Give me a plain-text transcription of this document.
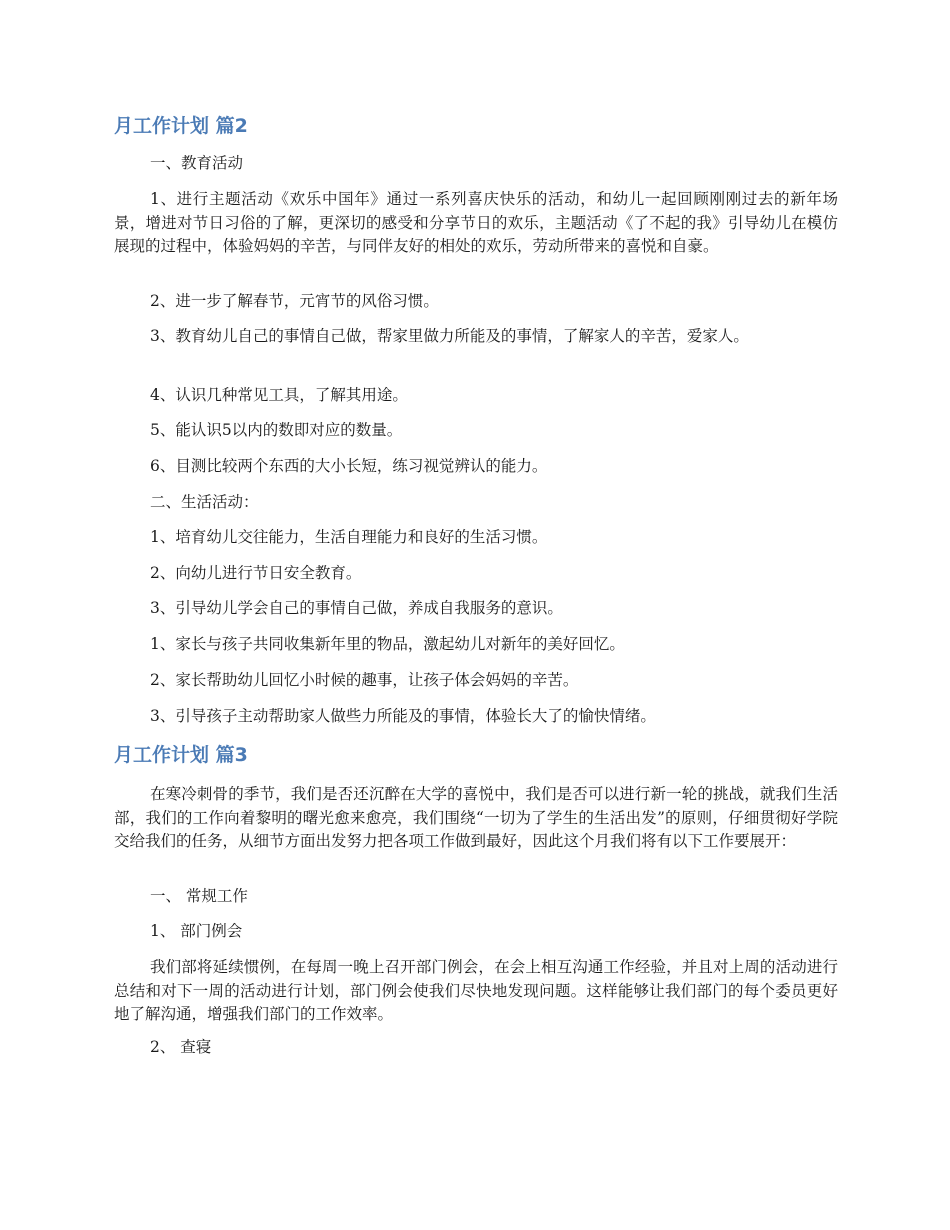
月工作计划 篇2

一、教育活动

1、进行主题活动《欢乐中国年》通过一系列喜庆快乐的活动，和幼儿一起回顾刚刚过去的新年场景，增进对节日习俗的了解，更深切的感受和分享节日的欢乐，主题活动《了不起的我》引导幼儿在模仿展现的过程中，体验妈妈的辛苦，与同伴友好的相处的欢乐，劳动所带来的喜悦和自豪。

2、进一步了解春节，元宵节的风俗习惯。

3、教育幼儿自己的事情自己做，帮家里做力所能及的事情，了解家人的辛苦，爱家人。

4、认识几种常见工具，了解其用途。

5、能认识5以内的数即对应的数量。

6、目测比较两个东西的大小长短，练习视觉辨认的能力。

二、生活活动：

1、培育幼儿交往能力，生活自理能力和良好的生活习惯。

2、向幼儿进行节日安全教育。

3、引导幼儿学会自己的事情自己做，养成自我服务的意识。

1、家长与孩子共同收集新年里的物品，激起幼儿对新年的美好回忆。

2、家长帮助幼儿回忆小时候的趣事，让孩子体会妈妈的辛苦。

3、引导孩子主动帮助家人做些力所能及的事情，体验长大了的愉快情绪。

月工作计划 篇3

在寒冷刺骨的季节，我们是否还沉醉在大学的喜悦中，我们是否可以进行新一轮的挑战，就我们生活部，我们的工作向着黎明的曙光愈来愈亮，我们围绕“一切为了学生的生活出发”的原则，仔细贯彻好学院交给我们的任务，从细节方面出发努力把各项工作做到最好，因此这个月我们将有以下工作要展开：

一、 常规工作

1、 部门例会

我们部将延续惯例，在每周一晚上召开部门例会，在会上相互沟通工作经验，并且对上周的活动进行总结和对下一周的活动进行计划，部门例会使我们尽快地发现问题。这样能够让我们部门的每个委员更好地了解沟通，增强我们部门的工作效率。

2、 查寝
